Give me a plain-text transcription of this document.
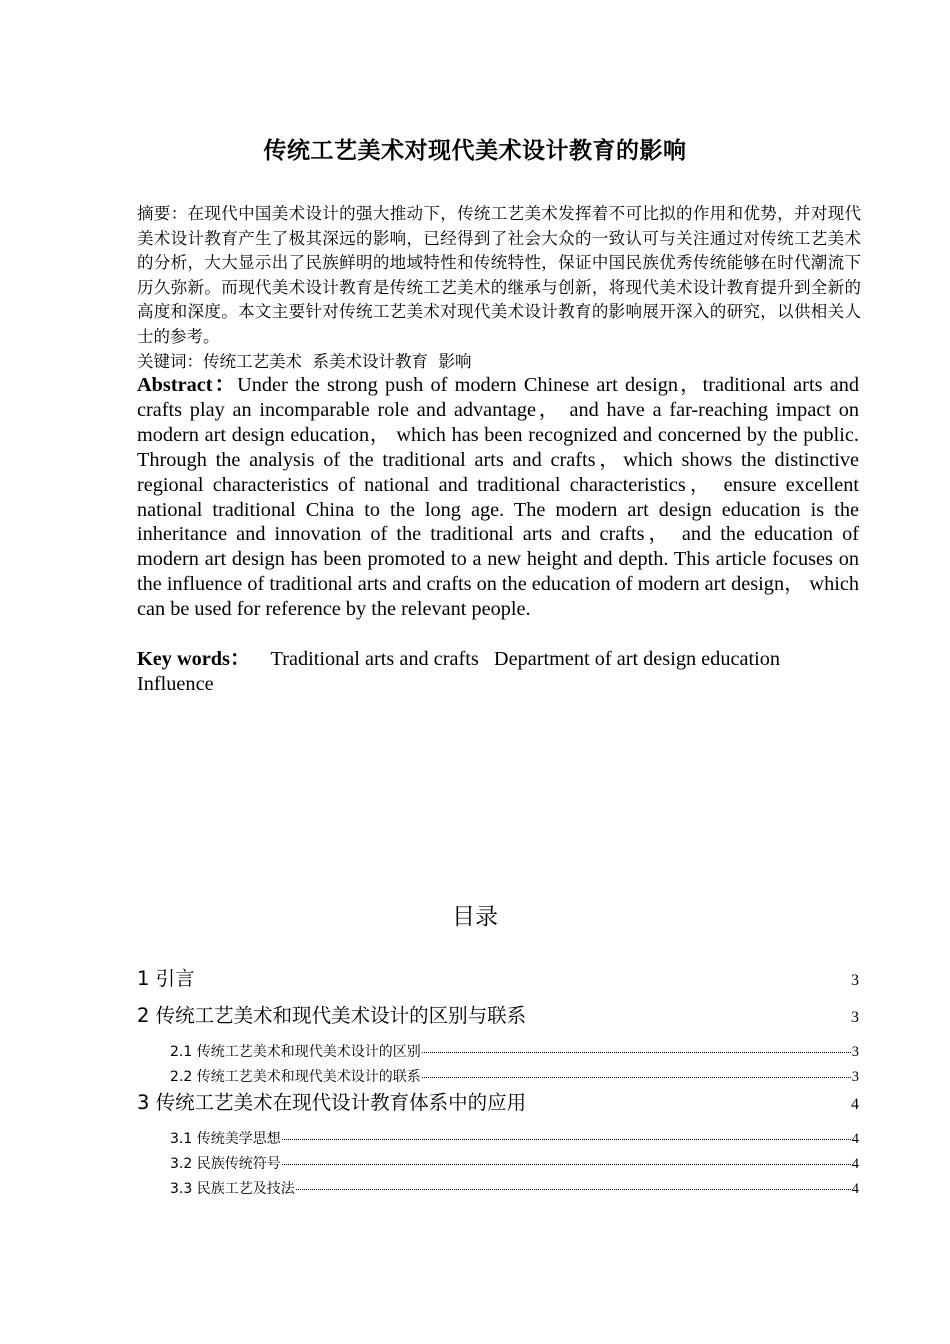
传统工艺美术对现代美术设计教育的影响
摘要：在现代中国美术设计的强大推动下，传统工艺美术发挥着不可比拟的作用和优势，并对现代美术设计教育产生了极其深远的影响，已经得到了社会大众的一致认可与关注通过对传统工艺美术的分析，大大显示出了民族鲜明的地域特性和传统特性，保证中国民族优秀传统能够在时代潮流下历久弥新。而现代美术设计教育是传统工艺美术的继承与创新，将现代美术设计教育提升到全新的高度和深度。本文主要针对传统工艺美术对现代美术设计教育的影响展开深入的研究，以供相关人士的参考。
关键词：传统工艺美术  系美术设计教育  影响
Abstract：Under the strong push of modern Chinese art design，traditional arts and crafts play an incomparable role and advantage， and have a far-reaching impact on modern art design education， which has been recognized and concerned by the public. Through the analysis of the traditional arts and crafts，which shows the distinctive regional characteristics of national and traditional characteristics， ensure excellent national traditional China to the long age. The modern art design education is the inheritance and innovation of the traditional arts and crafts， and the education of modern art design has been promoted to a new height and depth. This article focuses on the influence of traditional arts and crafts on the education of modern art design， which can be used for reference by the relevant people.
Key words： Traditional arts and crafts   Department of art design education   Influence
目录
1 引言	3
2 传统工艺美术和现代美术设计的区别与联系	3
2.1 传统工艺美术和现代美术设计的区别	3
2.2 传统工艺美术和现代美术设计的联系	3
3 传统工艺美术在现代设计教育体系中的应用	4
3.1 传统美学思想	4
3.2 民族传统符号	4
3.3 民族工艺及技法	4
